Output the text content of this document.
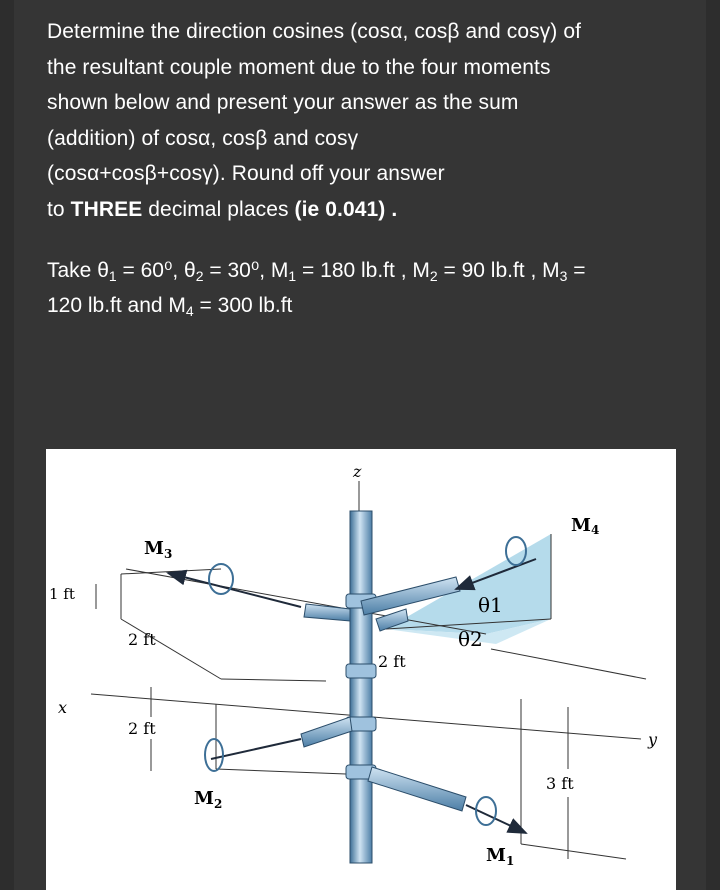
Determine the direction cosines (cosα, cosβ and cosγ) of
the resultant couple moment due to the four moments
shown below and present your answer as the sum
(addition) of cosα, cosβ and cosγ
(cosα+cosβ+cosγ). Round off your answer
to THREE decimal places (ie 0.041) .
Take $\theta_1 = 60^0$, $\theta_2 = 30^0$, $M_1 = 180$ lb.ft , $M_2 = 90$ lb.ft , $M_3$ =
120 lb.ft and $M_4 = 300$ lb.ft
z
x
y
M4
$M_3$
$M_2$
$M_1$
θ1
θ2
1 ft
2 ft
2 ft
2 ft
3 ft
